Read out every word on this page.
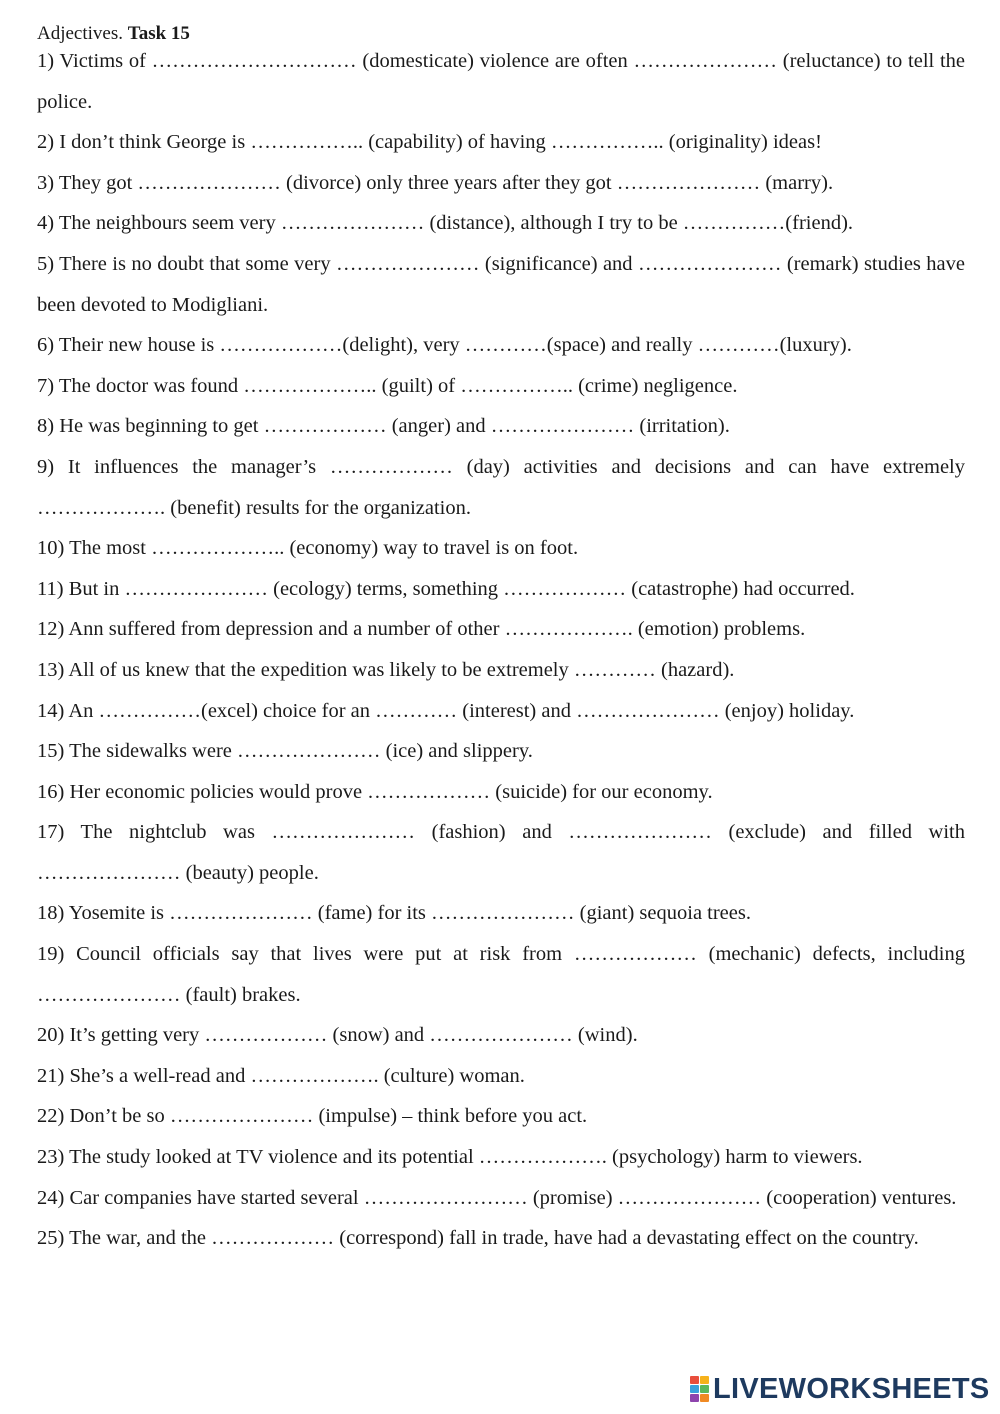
Adjectives. Task 15

1) Victims of ………………………… (domesticate) violence are often ………………… (reluctance) to tell the police.

2) I don’t think George is …………….. (capability) of having …………….. (originality) ideas!

3) They got ………………… (divorce) only three years after they got ………………… (marry).

4) The neighbours seem very ………………… (distance), although I try to be ……………(friend).

5) There is no doubt that some very ………………… (significance) and ………………… (remark) studies have been devoted to Modigliani.

6) Their new house is ………………(delight), very …………(space) and really …………(luxury).

7) The doctor was found ……………….. (guilt) of …………….. (crime) negligence.

8) He was beginning to get ……………… (anger) and ………………… (irritation).

9) It influences the manager’s ……………… (day) activities and decisions and can have extremely ………………. (benefit) results for the organization.

10) The most ……………….. (economy) way to travel is on foot.

11) But in ………………… (ecology) terms, something ……………… (catastrophe) had occurred.

12) Ann suffered from depression and a number of other ………………. (emotion) problems.

13) All of us knew that the expedition was likely to be extremely ………… (hazard).

14) An ……………(excel) choice for an ………… (interest) and ………………… (enjoy) holiday.

15) The sidewalks were ………………… (ice) and slippery.

16) Her economic policies would prove ……………… (suicide) for our economy.

17) The nightclub was ………………… (fashion) and ………………… (exclude) and filled with ………………… (beauty) people.

18) Yosemite is ………………… (fame) for its ………………… (giant) sequoia trees.

19) Council officials say that lives were put at risk from ……………… (mechanic) defects, including ………………… (fault) brakes.

20) It’s getting very ……………… (snow) and ………………… (wind).

21) She’s a well-read and ………………. (culture) woman.

22) Don’t be so ………………… (impulse) – think before you act.

23) The study looked at TV violence and its potential ………………. (psychology) harm to viewers.

24) Car companies have started several …………………… (promise) ………………… (cooperation) ventures.

25) The war, and the ……………… (correspond) fall in trade, have had a devastating effect on the country.

LIVEWORKSHEETS
